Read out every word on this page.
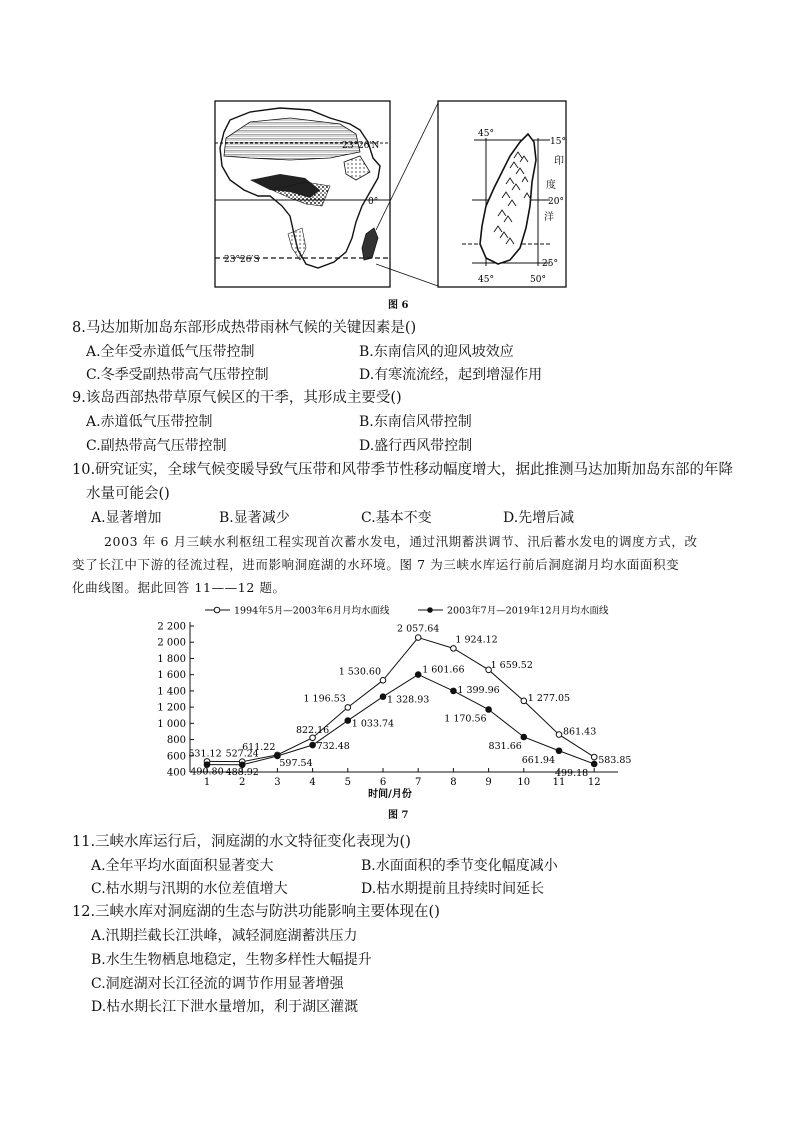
23°26′N
0°
23°26′S
45°
15°
印
度
20°
洋
25°
45°	50°
图 6
8.马达加斯加岛东部形成热带雨林气候的关键因素是()
A.全年受赤道低气压带控制	B.东南信风的迎风坡效应
C.冬季受副热带高气压带控制	D.有寒流流经，起到增湿作用
9.该岛西部热带草原气候区的干季，其形成主要受()
A.赤道低气压带控制	B.东南信风带控制
C.副热带高气压带控制	D.盛行西风带控制
10.研究证实，全球气候变暖导致气压带和风带季节性移动幅度增大，据此推测马达加斯加岛东部的年降
水量可能会()
A.显著增加	B.显著减少	C.基本不变	D.先增后减
2003 年 6 月三峡水利枢纽工程实现首次蓄水发电，通过汛期蓄洪调节、汛后蓄水发电的调度方式，改
变了长江中下游的径流过程，进而影响洞庭湖的水环境。图 7 为三峡水库运行前后洞庭湖月均水面面积变
化曲线图。据此回答 11——12 题。
1994年5月—2003年6月月均水面线	2003年7月—2019年12月月均水面线
400
600
800
1 000
1 200
1 400
1 600
1 800
2 000
2 200
1	2	3	4	5	6	7	8	9	10 11 12
531.12 527.24
611.22
822.16
1 196.53
1 530.60
2 057.64
1 924.12
1 659.52
1 277.05
861.43
583.85
490.80 488.92
597.54
732.48
1 033.74
1 328.93
1 601.66
1 399.96
1 170.56
831.66
661.94
499.18
时间/月份
图 7
11.三峡水库运行后，洞庭湖的水文特征变化表现为()
A.全年平均水面面积显著变大	B.水面面积的季节变化幅度减小
C.枯水期与汛期的水位差值增大	D.枯水期提前且持续时间延长
12.三峡水库对洞庭湖的生态与防洪功能影响主要体现在()
A.汛期拦截长江洪峰，减轻洞庭湖蓄洪压力
B.水生生物栖息地稳定，生物多样性大幅提升
C.洞庭湖对长江径流的调节作用显著增强
D.枯水期长江下泄水量增加，利于湖区灌溉
